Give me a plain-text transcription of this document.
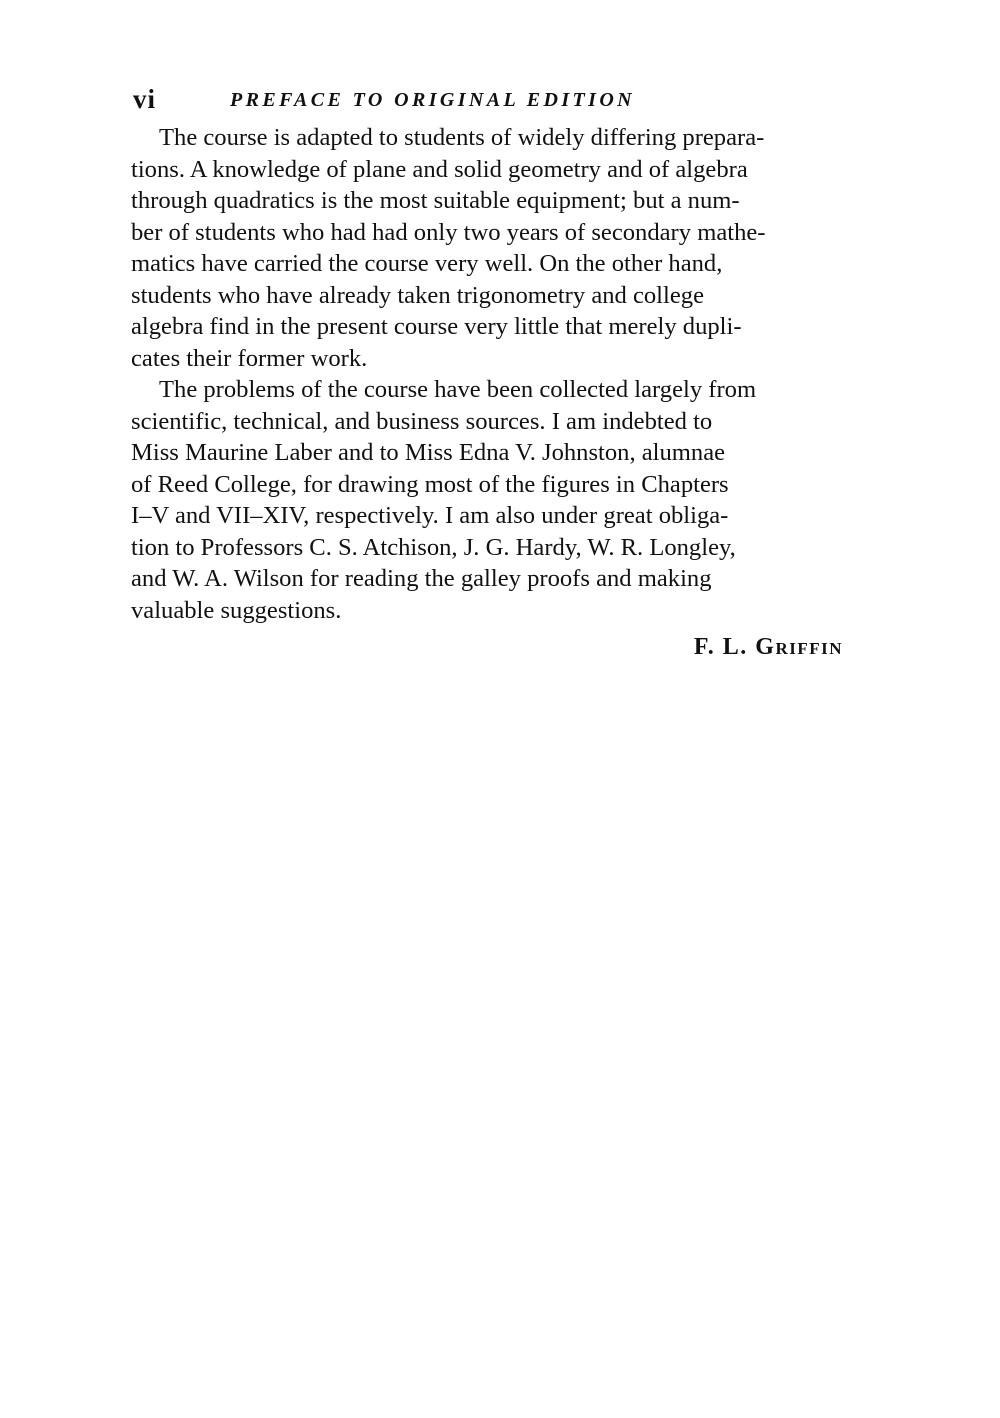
vi	PREFACE TO ORIGINAL EDITION

The course is adapted to students of widely differing prepara-
tions. A knowledge of plane and solid geometry and of algebra
through quadratics is the most suitable equipment; but a num-
ber of students who had had only two years of secondary mathe-
matics have carried the course very well. On the other hand,
students who have already taken trigonometry and college
algebra find in the present course very little that merely dupli-
cates their former work.

The problems of the course have been collected largely from
scientific, technical, and business sources. I am indebted to
Miss Maurine Laber and to Miss Edna V. Johnston, alumnae
of Reed College, for drawing most of the figures in Chapters
I–V and VII–XIV, respectively. I am also under great obliga-
tion to Professors C. S. Atchison, J. G. Hardy, W. R. Longley,
and W. A. Wilson for reading the galley proofs and making
valuable suggestions.

F. L. Griffin
